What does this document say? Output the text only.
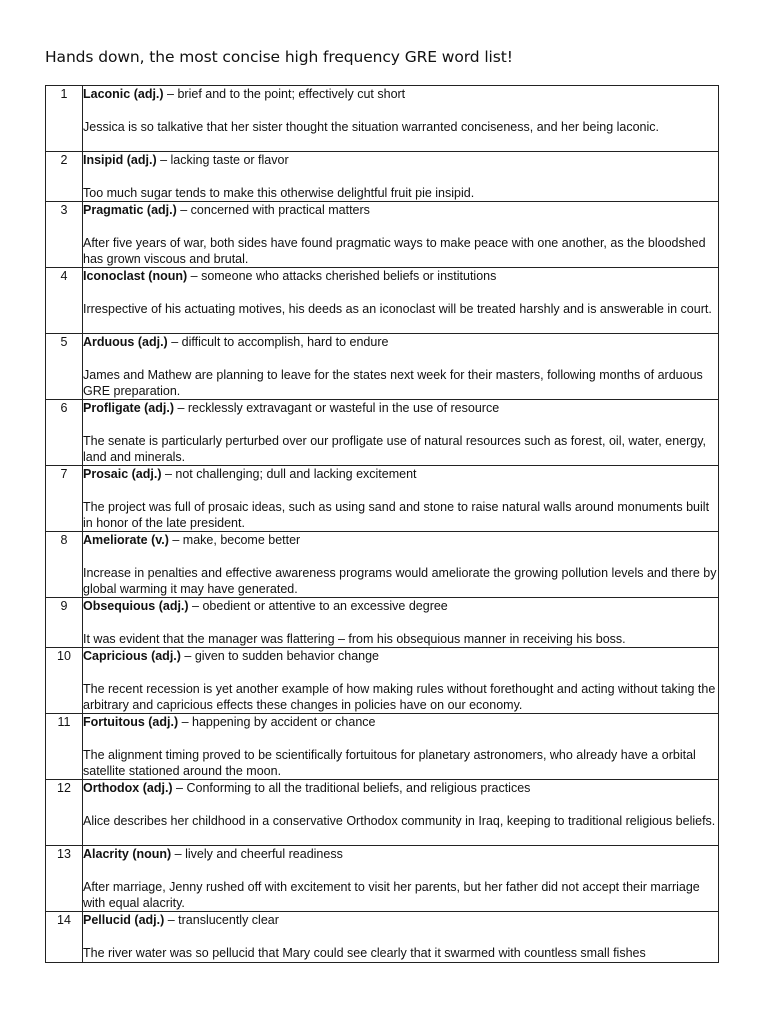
Hands down, the most concise high frequency GRE word list!
1	Laconic (adj.) – brief and to the point; effectively cut short
Jessica is so talkative that her sister thought the situation warranted conciseness, and her being laconic.

2	Insipid (adj.) – lacking taste or flavor
Too much sugar tends to make this otherwise delightful fruit pie insipid.

3	Pragmatic (adj.) – concerned with practical matters
After five years of war, both sides have found pragmatic ways to make peace with one another, as the bloodshed has grown viscous and brutal.

4	Iconoclast (noun) – someone who attacks cherished beliefs or institutions
Irrespective of his actuating motives, his deeds as an iconoclast will be treated harshly and is answerable in court.

5	Arduous (adj.) – difficult to accomplish, hard to endure
James and Mathew are planning to leave for the states next week for their masters, following months of arduous GRE preparation.

6	Profligate (adj.) – recklessly extravagant or wasteful in the use of resource
The senate is particularly perturbed over our profligate use of natural resources such as forest, oil, water, energy, land and minerals.

7	Prosaic (adj.) – not challenging; dull and lacking excitement
The project was full of prosaic ideas, such as using sand and stone to raise natural walls around monuments built in honor of the late president.

8	Ameliorate (v.) – make, become better
Increase in penalties and effective awareness programs would ameliorate the growing pollution levels and there by global warming it may have generated.

9	Obsequious (adj.) – obedient or attentive to an excessive degree
It was evident that the manager was flattering – from his obsequious manner in receiving his boss.

10	Capricious (adj.) – given to sudden behavior change
The recent recession is yet another example of how making rules without forethought and acting without taking the arbitrary and capricious effects these changes in policies have on our economy.

11	Fortuitous (adj.) – happening by accident or chance
The alignment timing proved to be scientifically fortuitous for planetary astronomers, who already have a orbital satellite stationed around the moon.

12	Orthodox (adj.) – Conforming to all the traditional beliefs, and religious practices
Alice describes her childhood in a conservative Orthodox community in Iraq, keeping to traditional religious beliefs.

13	Alacrity (noun) – lively and cheerful readiness
After marriage, Jenny rushed off with excitement to visit her parents, but her father did not accept their marriage with equal alacrity.

14	Pellucid (adj.) – translucently clear
The river water was so pellucid that Mary could see clearly that it swarmed with countless small fishes
